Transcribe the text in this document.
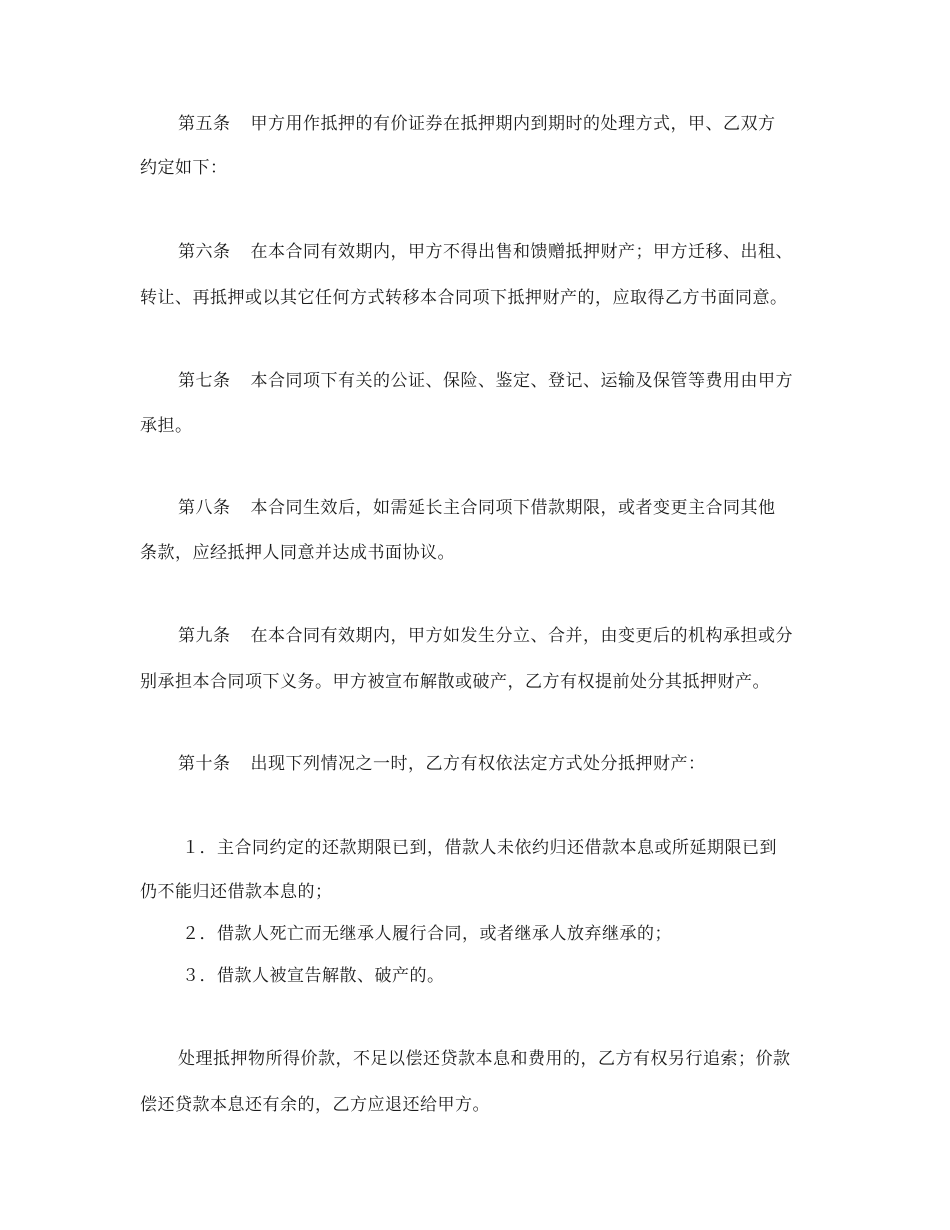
第五条 甲方用作抵押的有价证券在抵押期内到期时的处理方式，甲、乙双方
约定如下：
第六条 在本合同有效期内，甲方不得出售和馈赠抵押财产；甲方迁移、出租、
转让、再抵押或以其它任何方式转移本合同项下抵押财产的，应取得乙方书面同意。
第七条 本合同项下有关的公证、保险、鉴定、登记、运输及保管等费用由甲方
承担。
第八条 本合同生效后，如需延长主合同项下借款期限，或者变更主合同其他
条款，应经抵押人同意并达成书面协议。
第九条 在本合同有效期内，甲方如发生分立、合并，由变更后的机构承担或分
别承担本合同项下义务。甲方被宣布解散或破产，乙方有权提前处分其抵押财产。
第十条 出现下列情况之一时，乙方有权依法定方式处分抵押财产：
１．主合同约定的还款期限已到，借款人未依约归还借款本息或所延期限已到
仍不能归还借款本息的；
２．借款人死亡而无继承人履行合同，或者继承人放弃继承的；
３．借款人被宣告解散、破产的。
处理抵押物所得价款，不足以偿还贷款本息和费用的，乙方有权另行追索；价款
偿还贷款本息还有余的，乙方应退还给甲方。
